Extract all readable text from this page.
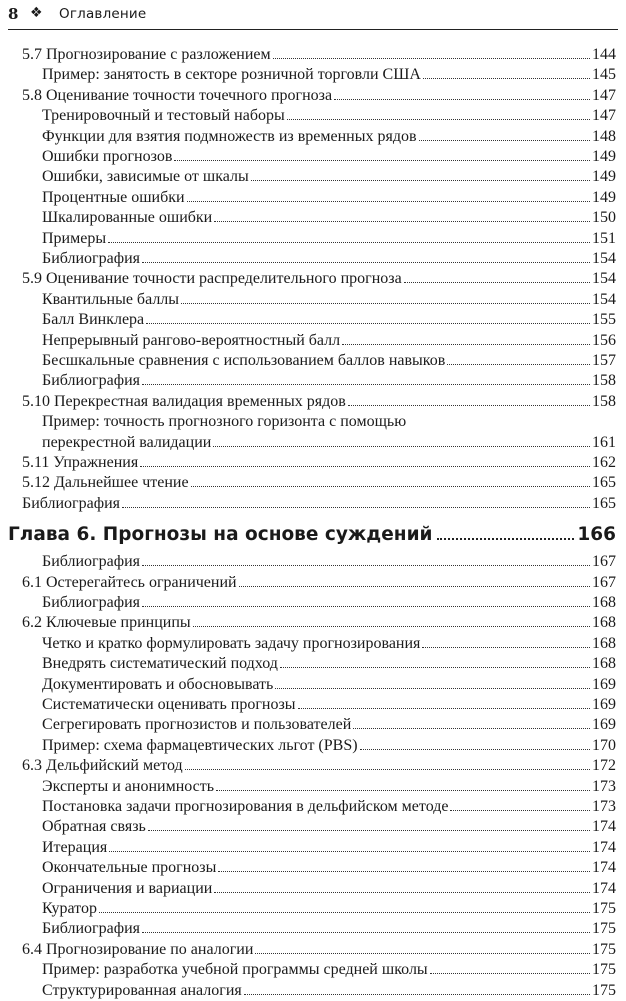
8 ❖ Оглавление
5.7 Прогнозирование с разложением	144
Пример: занятость в секторе розничной торговли США	145
5.8 Оценивание точности точечного прогноза	147
Тренировочный и тестовый наборы	147
Функции для взятия подмножеств из временных рядов	148
Ошибки прогнозов	149
Ошибки, зависимые от шкалы	149
Процентные ошибки	149
Шкалированные ошибки	150
Примеры	151
Библиография	154
5.9 Оценивание точности распределительного прогноза	154
Квантильные баллы	154
Балл Винклера	155
Непрерывный ранговo-вероятностный балл	156
Бесшкальные сравнения с использованием баллов навыков	157
Библиография	158
5.10 Перекрестная валидация временных рядов	158
Пример: точность прогнозного горизонта с помощью
перекрестной валидации	161
5.11 Упражнения	162
5.12 Дальнейшее чтение	165
Библиография	165
Глава 6. Прогнозы на основе суждений	166
Библиография	167
6.1 Остерегайтесь ограничений	167
Библиография	168
6.2 Ключевые принципы	168
Четко и кратко формулировать задачу прогнозирования	168
Внедрять систематический подход	168
Документировать и обосновывать	169
Систематически оценивать прогнозы	169
Сегрегировать прогнозистов и пользователей	169
Пример: схема фармацевтических льгот (PBS)	170
6.3 Дельфийский метод	172
Эксперты и анонимность	173
Постановка задачи прогнозирования в дельфийском методе	173
Обратная связь	174
Итерация	174
Окончательные прогнозы	174
Ограничения и вариации	174
Куратор	175
Библиография	175
6.4 Прогнозирование по аналогии	175
Пример: разработка учебной программы средней школы	175
Структурированная аналогия	175
